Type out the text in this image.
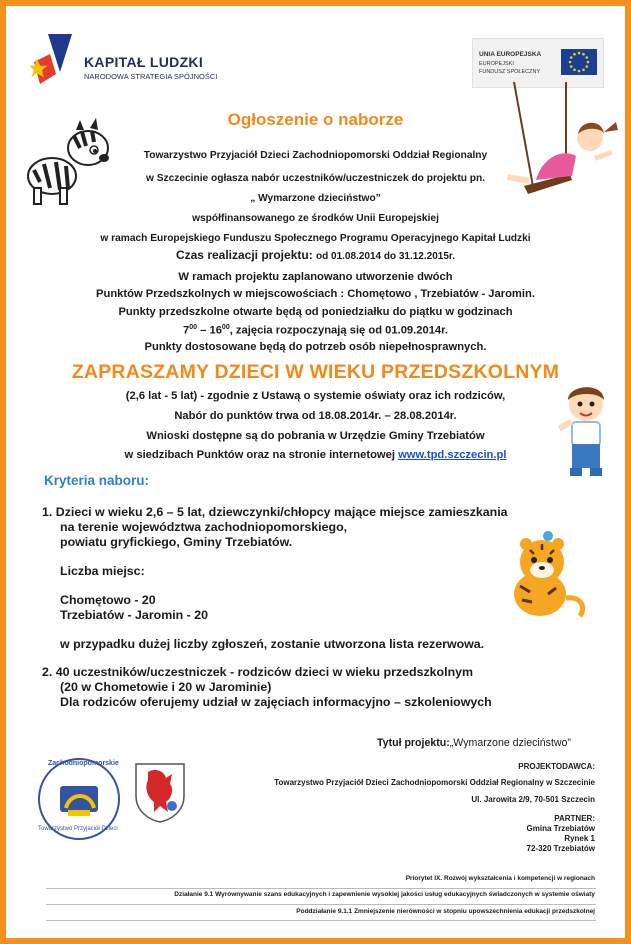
KAPITAŁ LUDZKI
NARODOWA STRATEGIA SPÓJNOŚCI
UNIA EUROPEJSKA
EUROPEJSKI
FUNDUSZ SPOŁECZNY
Ogłoszenie o naborze
Towarzystwo Przyjaciół Dzieci Zachodniopomorski Oddział Regionalny
w Szczecinie ogłasza nabór uczestników/uczestniczek do projektu pn.
„ Wymarzone dzieciństwo”
współfinansowanego ze środków Unii Europejskiej
w ramach Europejskiego Funduszu Społecznego Programu Operacyjnego Kapitał Ludzki
Czas realizacji projektu: od 01.08.2014 do 31.12.2015r.
W ramach projektu zaplanowano utworzenie dwóch
Punktów Przedszkolnych w miejscowościach : Chomętowo , Trzebiatów - Jaromin.
Punkty przedszkolne otwarte będą od poniedziałku do piątku w godzinach
$7^{00} - 16^{00}$, zajęcia rozpoczynają się od 01.09.2014r.
Punkty dostosowane będą do potrzeb osób niepełnosprawnych.
ZAPRASZAMY DZIECI W WIEKU PRZEDSZKOLNYM
(2,6 lat - 5 lat) - zgodnie z Ustawą o systemie oświaty oraz ich rodziców,
Nabór do punktów trwa od 18.08.2014r. – 28.08.2014r.
Wnioski dostępne są do pobrania w Urzędzie Gminy Trzebiatów
w siedzibach Punktów oraz na stronie internetowej www.tpd.szczecin.pl
Kryteria naboru:
1. Dzieci w wieku 2,6 – 5 lat, dziewczynki/chłopcy mające miejsce zamieszkania
na terenie województwa zachodniopomorskiego,
powiatu gryfickiego, Gminy Trzebiatów.
Liczba miejsc:
Chomętowo - 20
Trzebiatów - Jaromin - 20
w przypadku dużej liczby zgłoszeń, zostanie utworzona lista rezerwowa.
2. 40 uczestników/uczestniczek - rodziców dzieci w wieku przedszkolnym
(20 w Chometowie i 20 w Jarominie)
Dla rodziców oferujemy udział w zajęciach informacyjno – szkoleniowych
Tytuł projektu:„Wymarzone dzieciństwo”
Zachodniopomorskie
Towarzystwo Przyjaciół Dzieci
PROJEKTODAWCA:
Towarzystwo Przyjaciół Dzieci Zachodniopomorski Oddział Regionalny w Szczecinie
Ul. Jarowita 2/9, 70-501 Szczecin
PARTNER:
Gmina Trzebiatów
Rynek 1
72-320 Trzebiatów
Priorytet IX. Rozwój wykształcenia i kompetencji w regionach
Działanie 9.1 Wyrównywanie szans edukacyjnych i zapewnienie wysokiej jakości usług edukacyjnych świadczonych w systemie oświaty
Poddziałanie 9.1.1 Zmniejszenie nierówności w stopniu upowszechnienia edukacji przedszkolnej
